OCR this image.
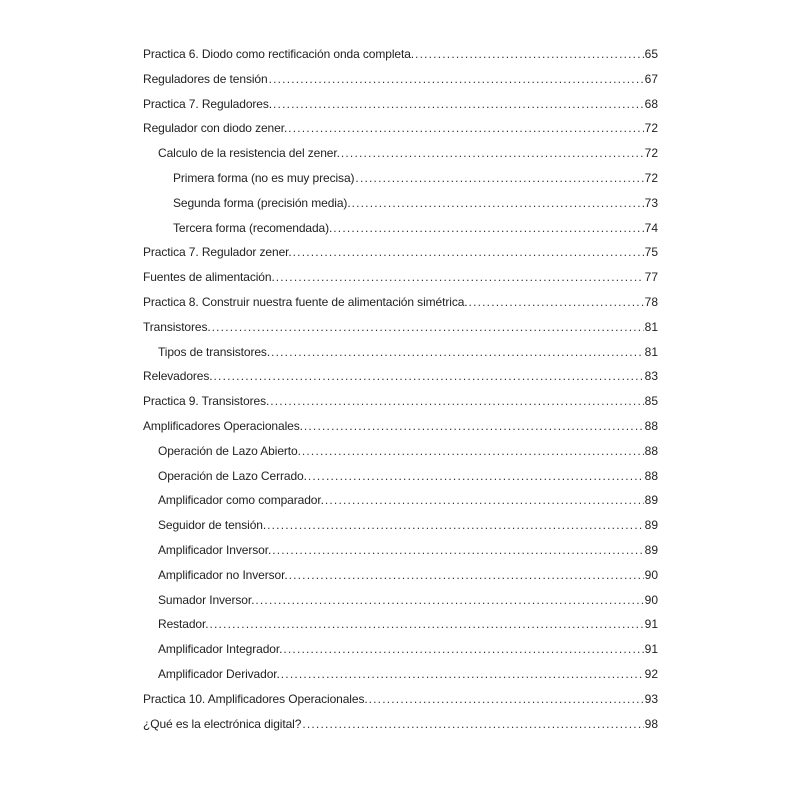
Practica 6. Diodo como rectificación onda completa. .....	65
Reguladores de tensión .....	67
Practica 7. Reguladores. .....	68
Regulador con diodo zener. .....	72
Calculo de la resistencia del zener. .....	72
Primera forma (no es muy precisa) .....	72
Segunda forma (precisión media). .....	73
Tercera forma (recomendada). .....	74
Practica 7. Regulador zener. .....	75
Fuentes de alimentación. .....	77
Practica 8. Construir nuestra fuente de alimentación simétrica. .....	78
Transistores. .....	81
Tipos de transistores. .....	81
Relevadores. .....	83
Practica 9. Transistores. .....	85
Amplificadores Operacionales. .....	88
Operación de Lazo Abierto. .....	88
Operación de Lazo Cerrado. .....	88
Amplificador como comparador. .....	89
Seguidor de tensión. .....	89
Amplificador Inversor. .....	89
Amplificador no Inversor. .....	90
Sumador Inversor. .....	90
Restador. .....	91
Amplificador Integrador. .....	91
Amplificador Derivador. .....	92
Practica 10. Amplificadores Operacionales. .....	93
¿Qué es la electrónica digital? .....	98
